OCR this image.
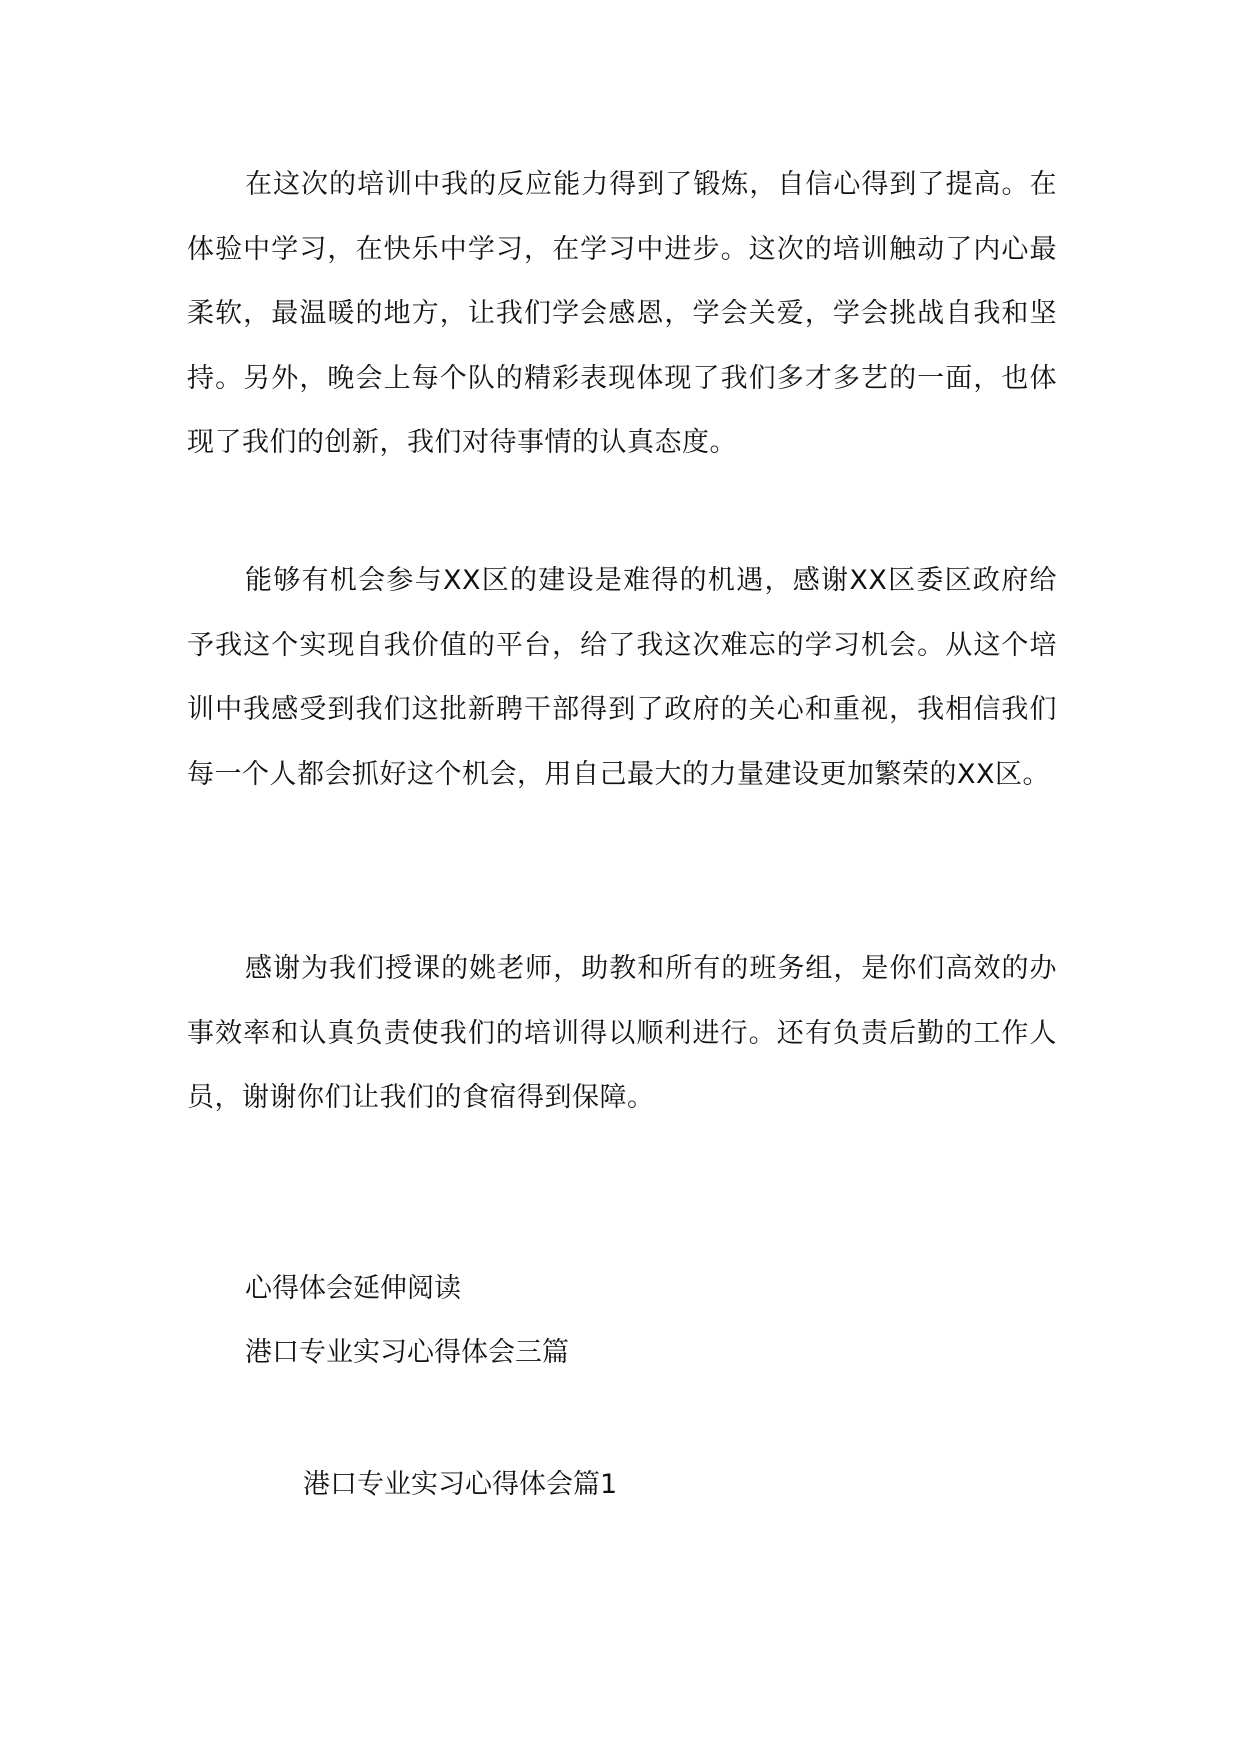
在这次的培训中我的反应能力得到了锻炼，自信心得到了提高。在体验中学习，在快乐中学习，在学习中进步。这次的培训触动了内心最柔软，最温暖的地方，让我们学会感恩，学会关爱，学会挑战自我和坚持。另外，晚会上每个队的精彩表现体现了我们多才多艺的一面，也体现了我们的创新，我们对待事情的认真态度。

能够有机会参与XX区的建设是难得的机遇，感谢XX区委区政府给予我这个实现自我价值的平台，给了我这次难忘的学习机会。从这个培训中我感受到我们这批新聘干部得到了政府的关心和重视，我相信我们每一个人都会抓好这个机会，用自己最大的力量建设更加繁荣的XX区。

感谢为我们授课的姚老师，助教和所有的班务组，是你们高效的办事效率和认真负责使我们的培训得以顺利进行。还有负责后勤的工作人员，谢谢你们让我们的食宿得到保障。

心得体会延伸阅读

港口专业实习心得体会三篇

港口专业实习心得体会篇1
